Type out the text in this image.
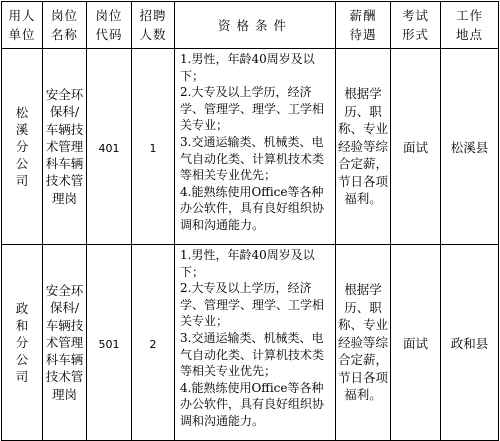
用人单位	岗位名称	岗位代码	招聘人数	资格条件	薪酬待遇	考试形式	工作地点
松溪分公司	安全环保科/车辆技术管理科车辆技术管理岗	401	1	1.男性，年龄40周岁及以下；
2.大专及以上学历，经济学、管理学、理学、工学相关专业；
3.交通运输类、机械类、电气自动化类、计算机技术类等相关专业优先；
4.能熟练使用Office等各种办公软件，具有良好组织协调和沟通能力。	根据学历、职称、专业经验等综合定薪，节日各项福利。	面试	松溪县
政和分公司	安全环保科/车辆技术管理科车辆技术管理岗	501	2	1.男性，年龄40周岁及以下；
2.大专及以上学历，经济学、管理学、理学、工学相关专业；
3.交通运输类、机械类、电气自动化类、计算机技术类等相关专业优先；
4.能熟练使用Office等各种办公软件，具有良好组织协调和沟通能力。	根据学历、职称、专业经验等综合定薪，节日各项福利。	面试	政和县
